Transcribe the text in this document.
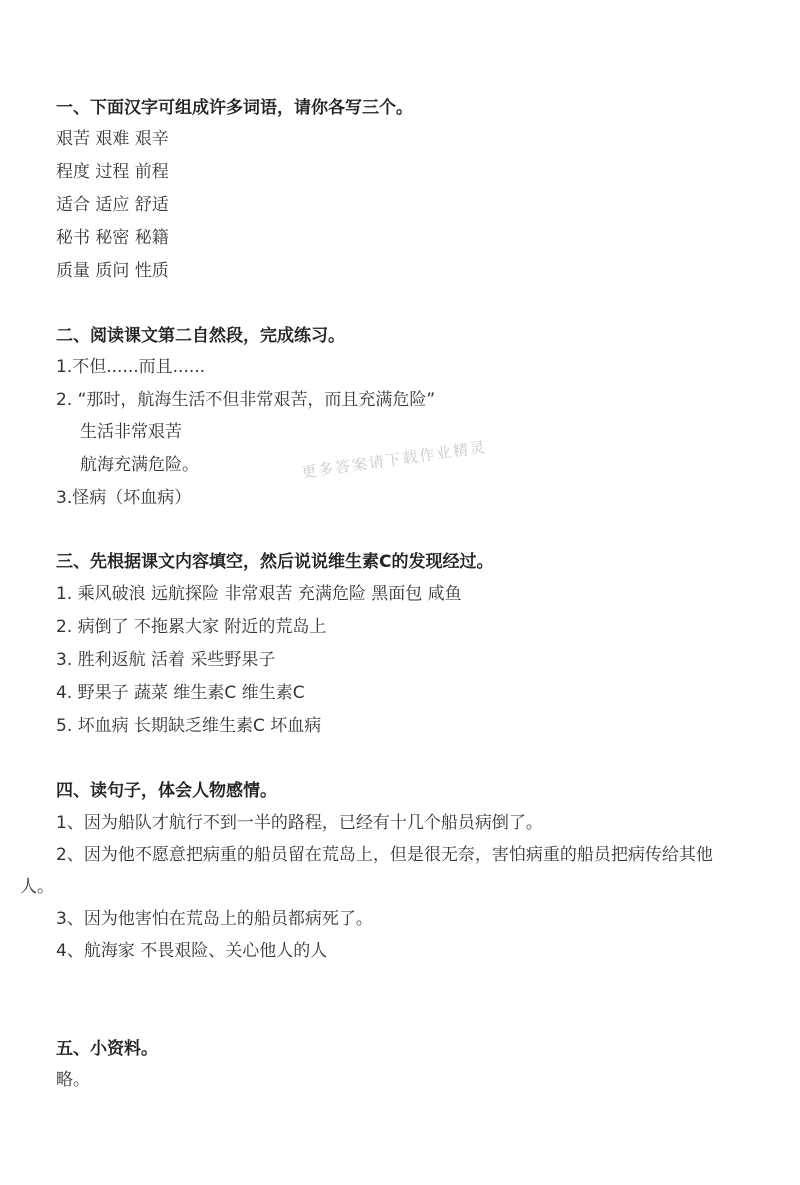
一、下面汉字可组成许多词语，请你各写三个。
艰苦 艰难 艰辛
程度 过程 前程
适合 适应 舒适
秘书 秘密 秘籍
质量 质问 性质
二、阅读课文第二自然段，完成练习。
1.不但......而且......
2. “那时，航海生活不但非常艰苦，而且充满危险”
生活非常艰苦
航海充满危险。
3.怪病（坏血病）
更多答案请下载作业精灵
三、先根据课文内容填空，然后说说维生素C的发现经过。
1. 乘风破浪 远航探险 非常艰苦 充满危险 黑面包 咸鱼
2. 病倒了 不拖累大家 附近的荒岛上
3. 胜利返航 活着 采些野果子
4. 野果子 蔬菜 维生素C 维生素C
5. 坏血病 长期缺乏维生素C 坏血病
四、读句子，体会人物感情。
1、因为船队才航行不到一半的路程，已经有十几个船员病倒了。
2、因为他不愿意把病重的船员留在荒岛上，但是很无奈，害怕病重的船员把病传给其他
人。
3、因为他害怕在荒岛上的船员都病死了。
4、航海家 不畏艰险、关心他人的人
五、小资料。
略。
